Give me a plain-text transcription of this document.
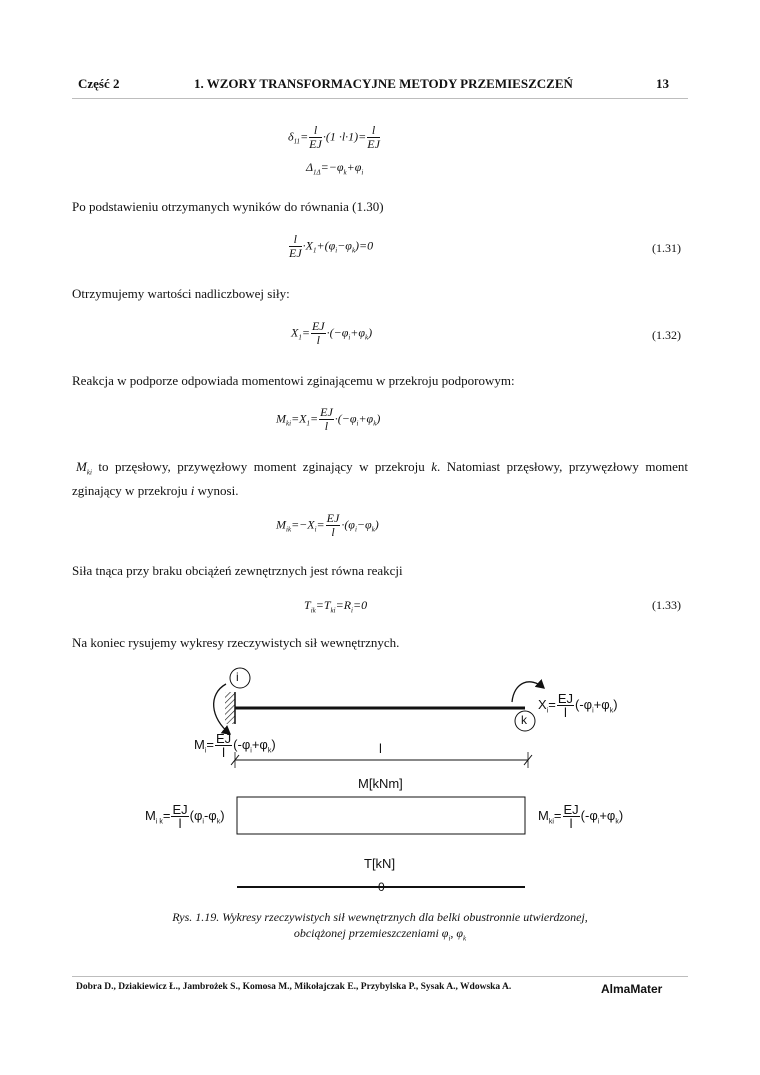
Część 2	1. WZORY TRANSFORMACYJNE METODY PRZEMIESZCZEŃ	13
$\delta_{11}= \frac{l}{EJ} \cdot(1 \cdot l\cdot 1)= \frac{l}{EJ}$
$\Delta_{1\Delta}=-\varphi_k+\varphi_i$
Po podstawieniu otrzymanych wyników do równania (1.30)
$\frac{l}{EJ} \cdot X_1+(\varphi_i-\varphi_k)=0$	(1.31)
Otrzymujemy wartości nadliczbowej siły:
$X_1= \frac{EJ}{l} \cdot(-\varphi_i+\varphi_k)$	(1.32)
Reakcja w podporze odpowiada momentowi zginającemu w przekroju podporowym:
$M_{ki}=X_1= \frac{EJ}{l} \cdot(-\varphi_i+\varphi_k)$
$M_{ki}$ to przęsłowy, przywęzłowy moment zginający w przekroju k. Natomiast przęsłowy, przywęzłowy moment zginający w przekroju i wynosi.
$M_{ik}=-X_i= \frac{EJ}{l} \cdot(\varphi_i-\varphi_k)$
Siła tnąca przy braku obciążeń zewnętrznych jest równa reakcji
$T_{ik}=T_{ki}=R_i=0$	(1.33)
Na koniec rysujemy wykresy rzeczywistych sił wewnętrznych.
i
k
$X_i= \frac{EJ}{l} (-\varphi_i+\varphi_k)$
$M_i= \frac{EJ}{l} (-\varphi_i+\varphi_k)$	l
M[kNm]
$M_{i k}= \frac{EJ}{l} (\varphi_i-\varphi_k)$	$M_{ki}= \frac{EJ}{l} (-\varphi_i+\varphi_k)$
T[kN]
0
Rys. 1.19. Wykresy rzeczywistych sił wewnętrznych dla belki obustronnie utwierdzonej,
obciążonej przemieszczeniami $\varphi_i$, $\varphi_k$
Dobra D., Dziakiewicz Ł., Jambrożek S., Komosa M., Mikołajczak E., Przybylska P., Sysak A., Wdowska A.	AlmaMater
